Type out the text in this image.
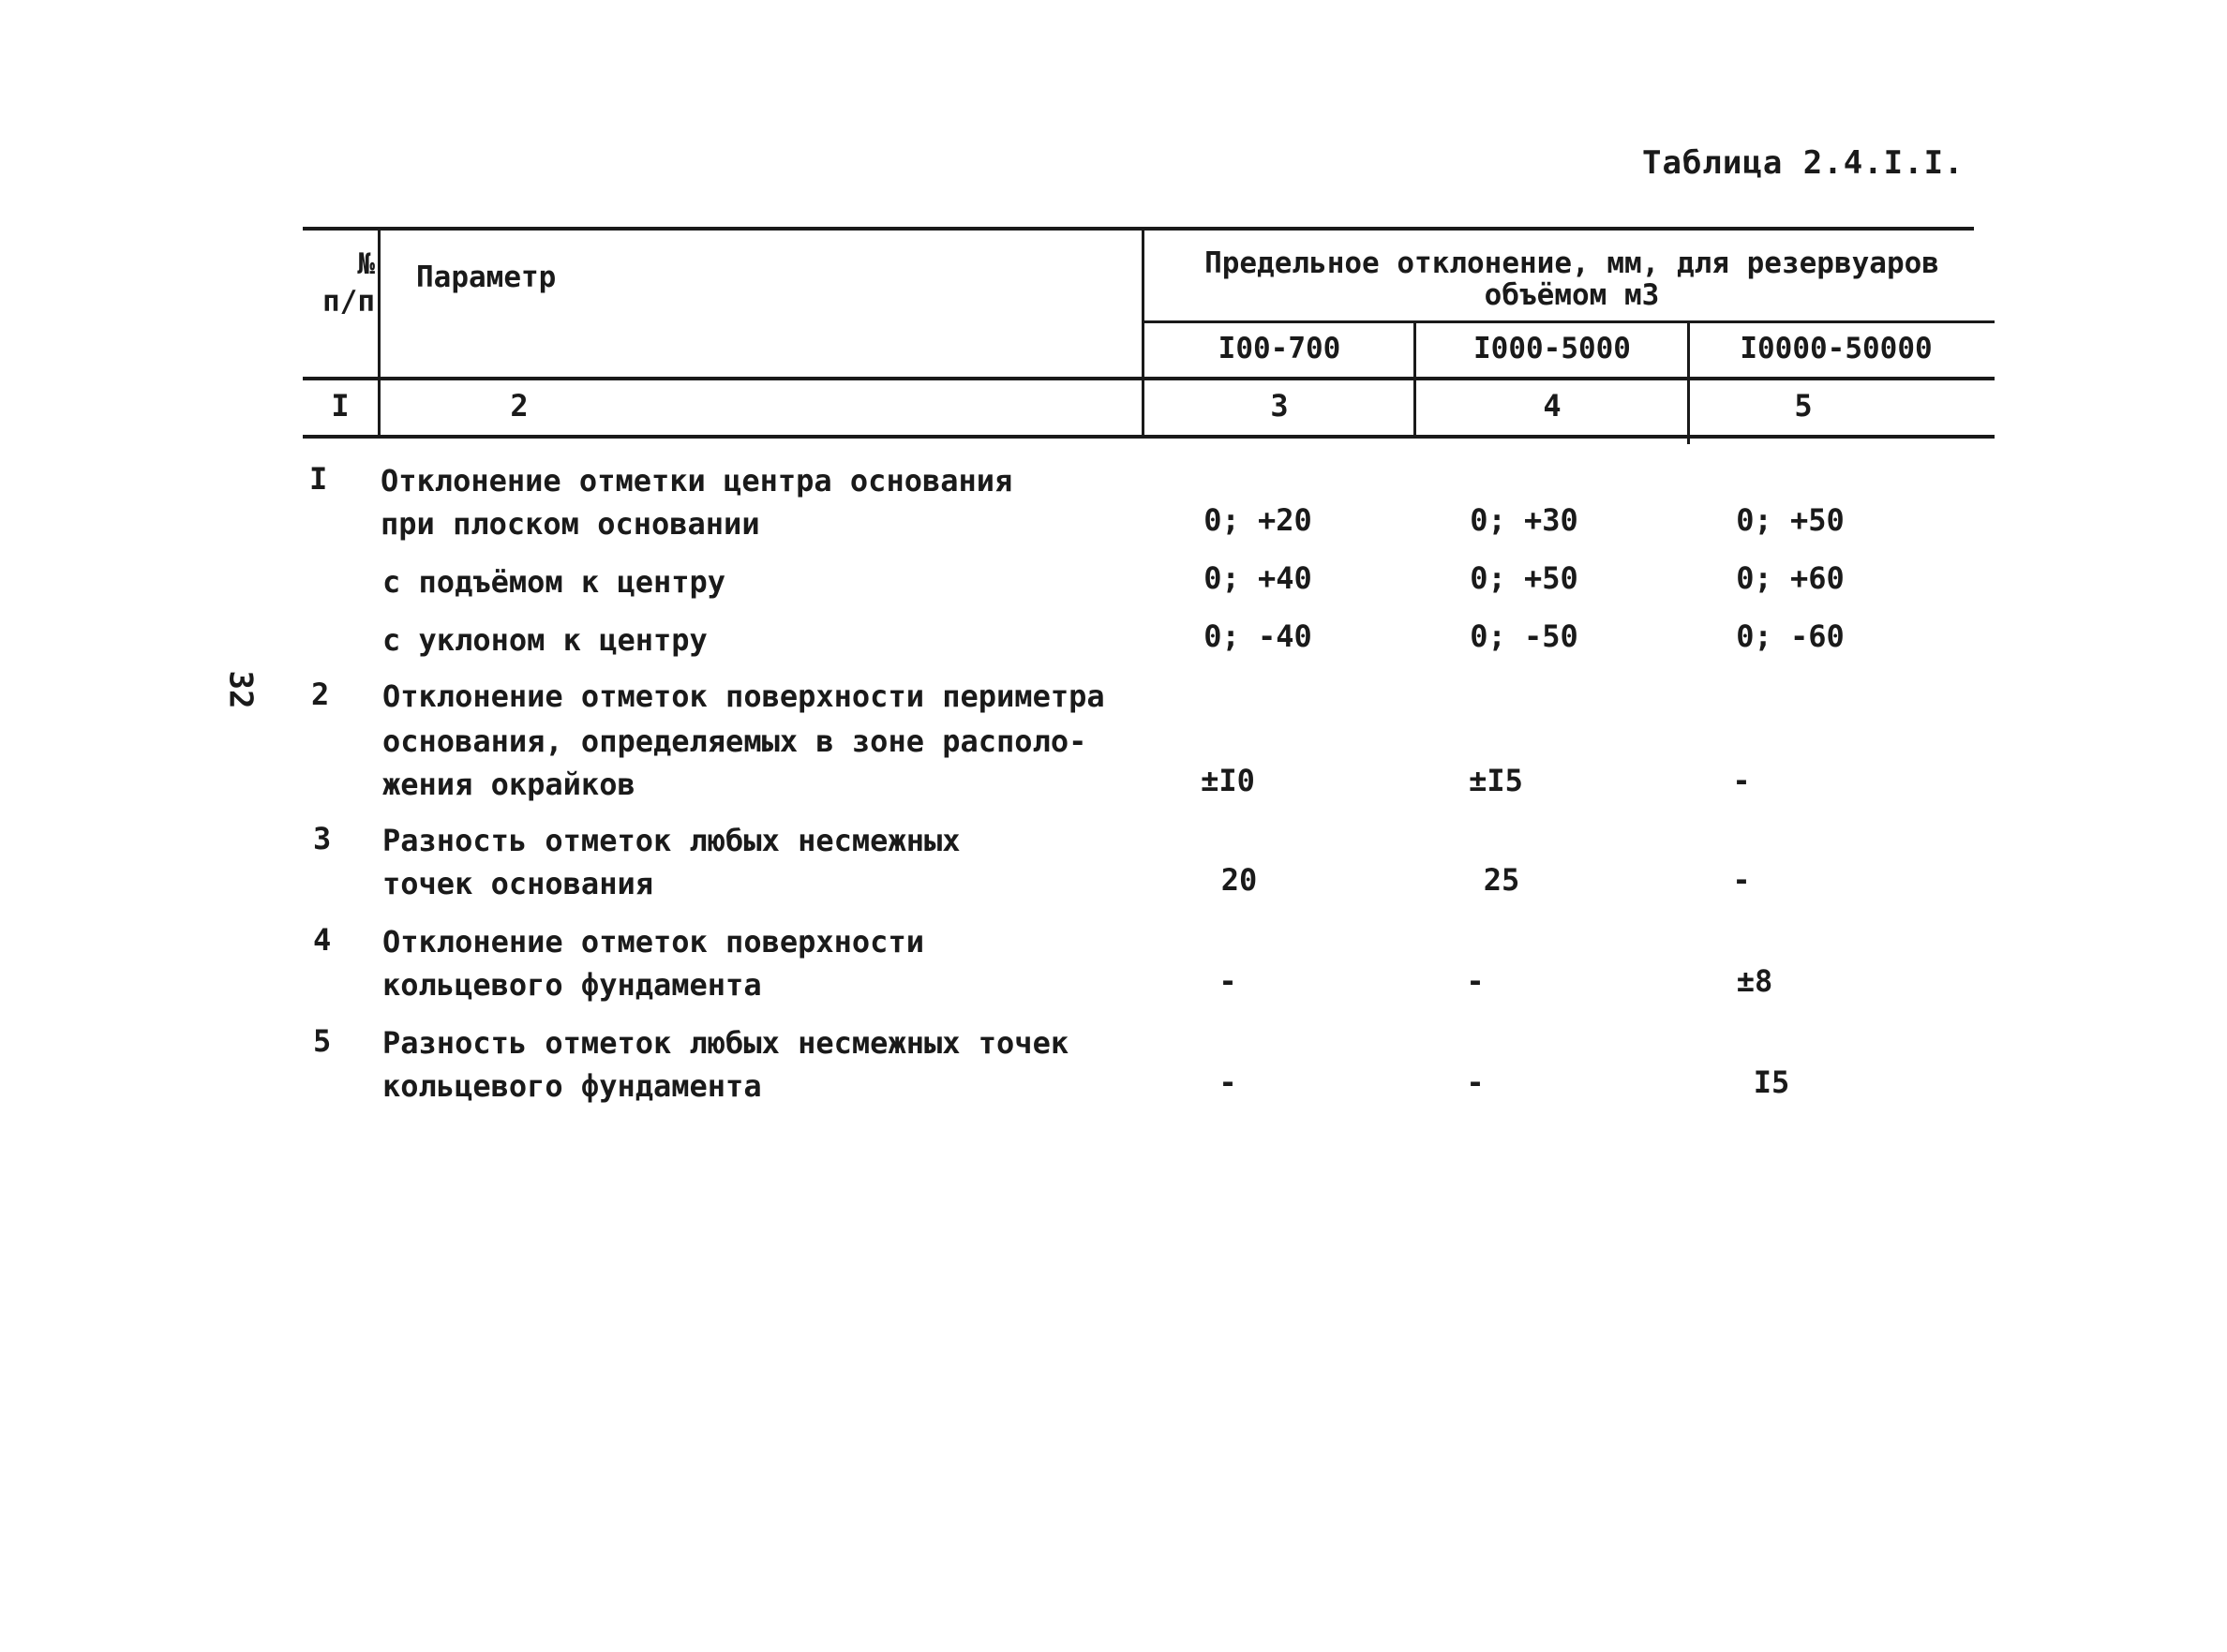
Таблица 2.4.I.I.
32
№
п/п
Параметр	Предельное отклонение, мм, для резервуаров
объёмом м3
I00-700	I000-5000	I0000-50000
I	2	3	4	5
I Отклонение отметки центра основания
при плоском основании	0; +20	0; +30	0; +50
с подъёмом к центру	0; +40	0; +50	0; +60
с уклоном к центру	0; -40	0; -50	0; -60
2 Отклонение отметок поверхности периметра
основания, определяемых в зоне располо-
жения окрайков	±I0	±I5	-
3 Разность отметок любых несмежных
точек основания	20	25	-
4 Отклонение отметок поверхности
кольцевого фундамента	-	-	±8
5 Разность отметок любых несмежных точек
кольцевого фундамента	-	-	I5
